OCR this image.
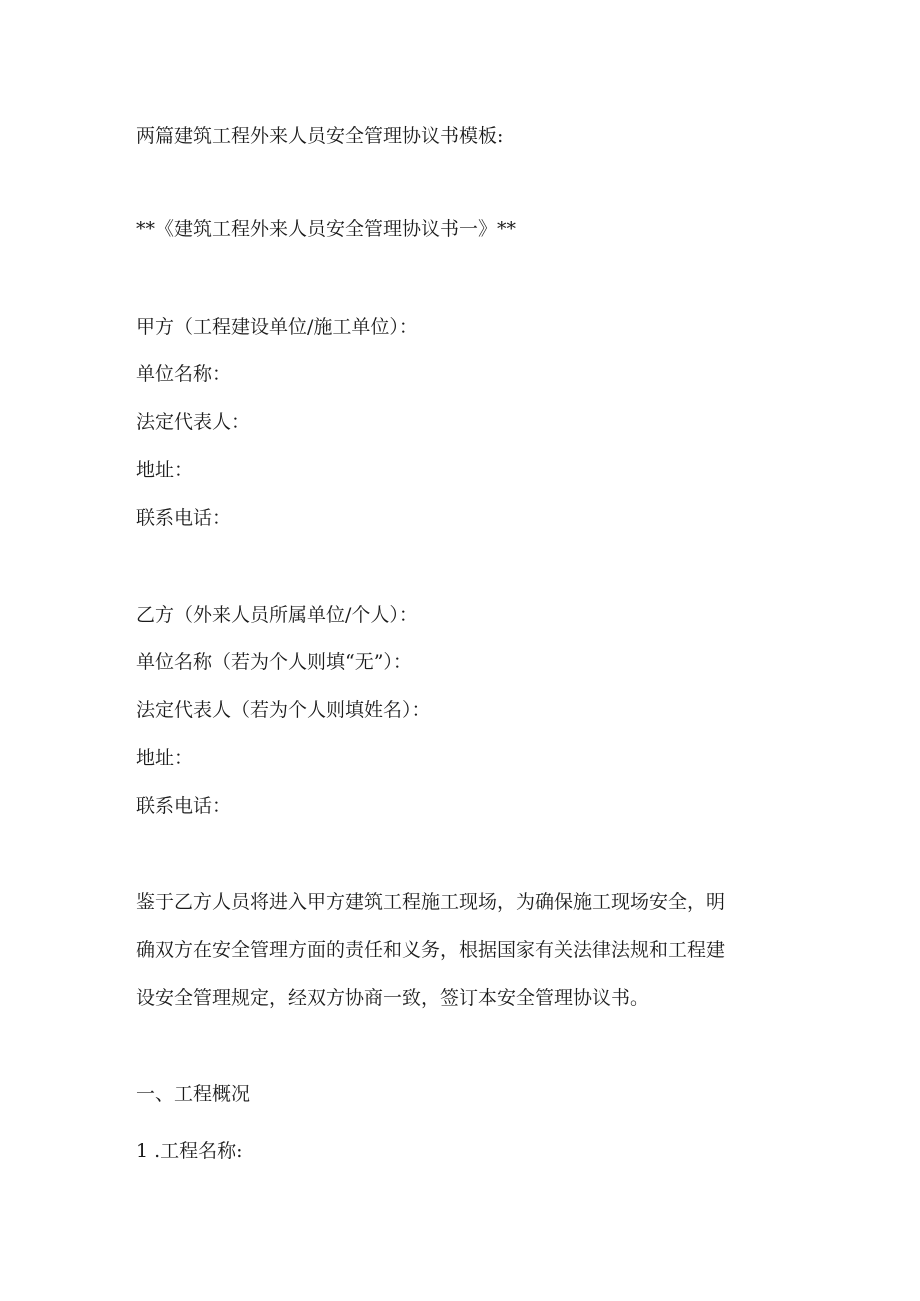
两篇建筑工程外来人员安全管理协议书模板:

**《建筑工程外来人员安全管理协议书一》**

甲方（工程建设单位/施工单位）：

单位名称：

法定代表人：

地址：

联系电话：

乙方（外来人员所属单位/个人）：

单位名称（若为个人则填“无”）：

法定代表人（若为个人则填姓名）：

地址：

联系电话：

鉴于乙方人员将进入甲方建筑工程施工现场，为确保施工现场安全，明

确双方在安全管理方面的责任和义务，根据国家有关法律法规和工程建

设安全管理规定，经双方协商一致，签订本安全管理协议书。

一、工程概况

1 .工程名称:
